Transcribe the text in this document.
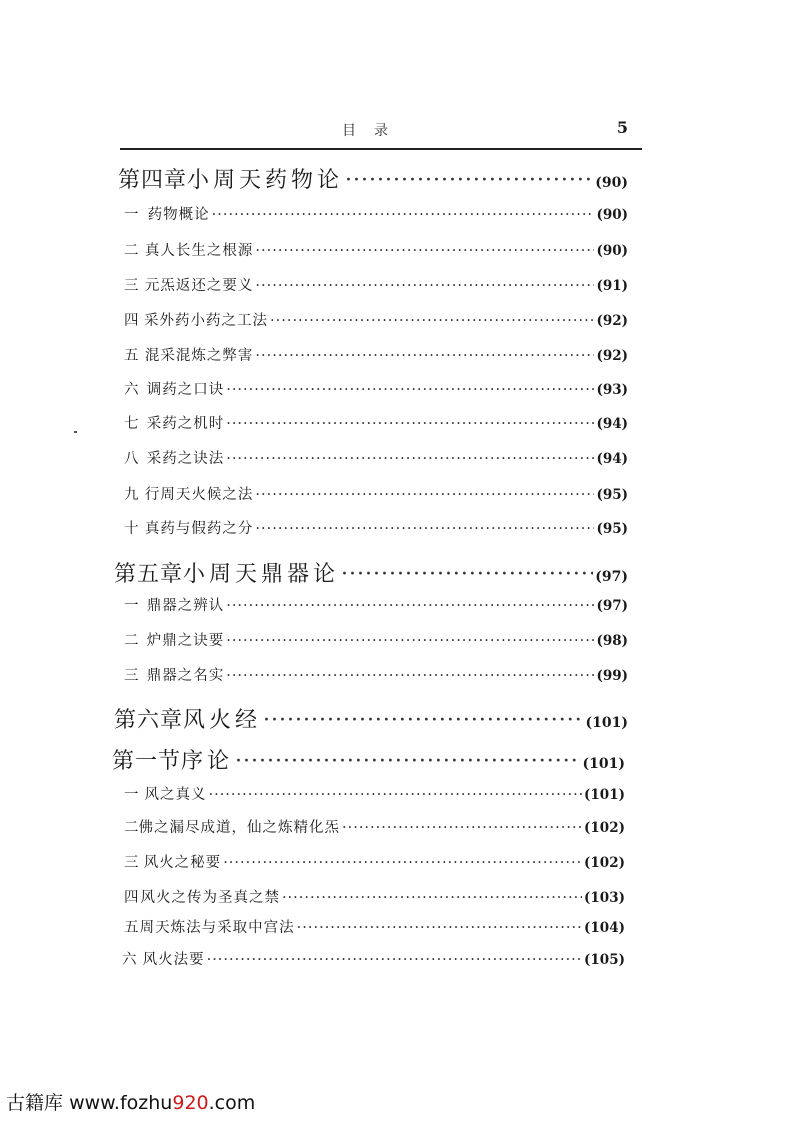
目录	5
第四章 小周天药物论 ·····	(90)
一 药物概论 ·····	(90)
二 真人长生之根源 ·····	(90)
三 元炁返还之要义 ·····	(91)
四 采外药小药之工法 ·····	(92)
五 混采混炼之弊害 ·····	(92)
六 调药之口诀 ·····	(93)
七 采药之机时 ·····	(94)
八 采药之诀法 ·····	(94)
九 行周天火候之法 ·····	(95)
十 真药与假药之分 ·····	(95)
第五章 小周天鼎器论 ·····	(97)
一 鼎器之辨认 ·····	(97)
二 炉鼎之诀要 ·····	(98)
三 鼎器之名实 ·····	(99)
第六章 风火经 ·····	(101)
第一节 序论 ·····	(101)
一 风之真义 ·····	(101)
二 佛之漏尽成道，仙之炼精化炁 ·····	(102)
三 风火之秘要 ·····	(102)
四 风火之传为圣真之禁 ·····	(103)
五 周天炼法与采取中宫法 ·····	(104)
六 风火法要 ·····	(105)
古籍库 www.fozhu920.com
